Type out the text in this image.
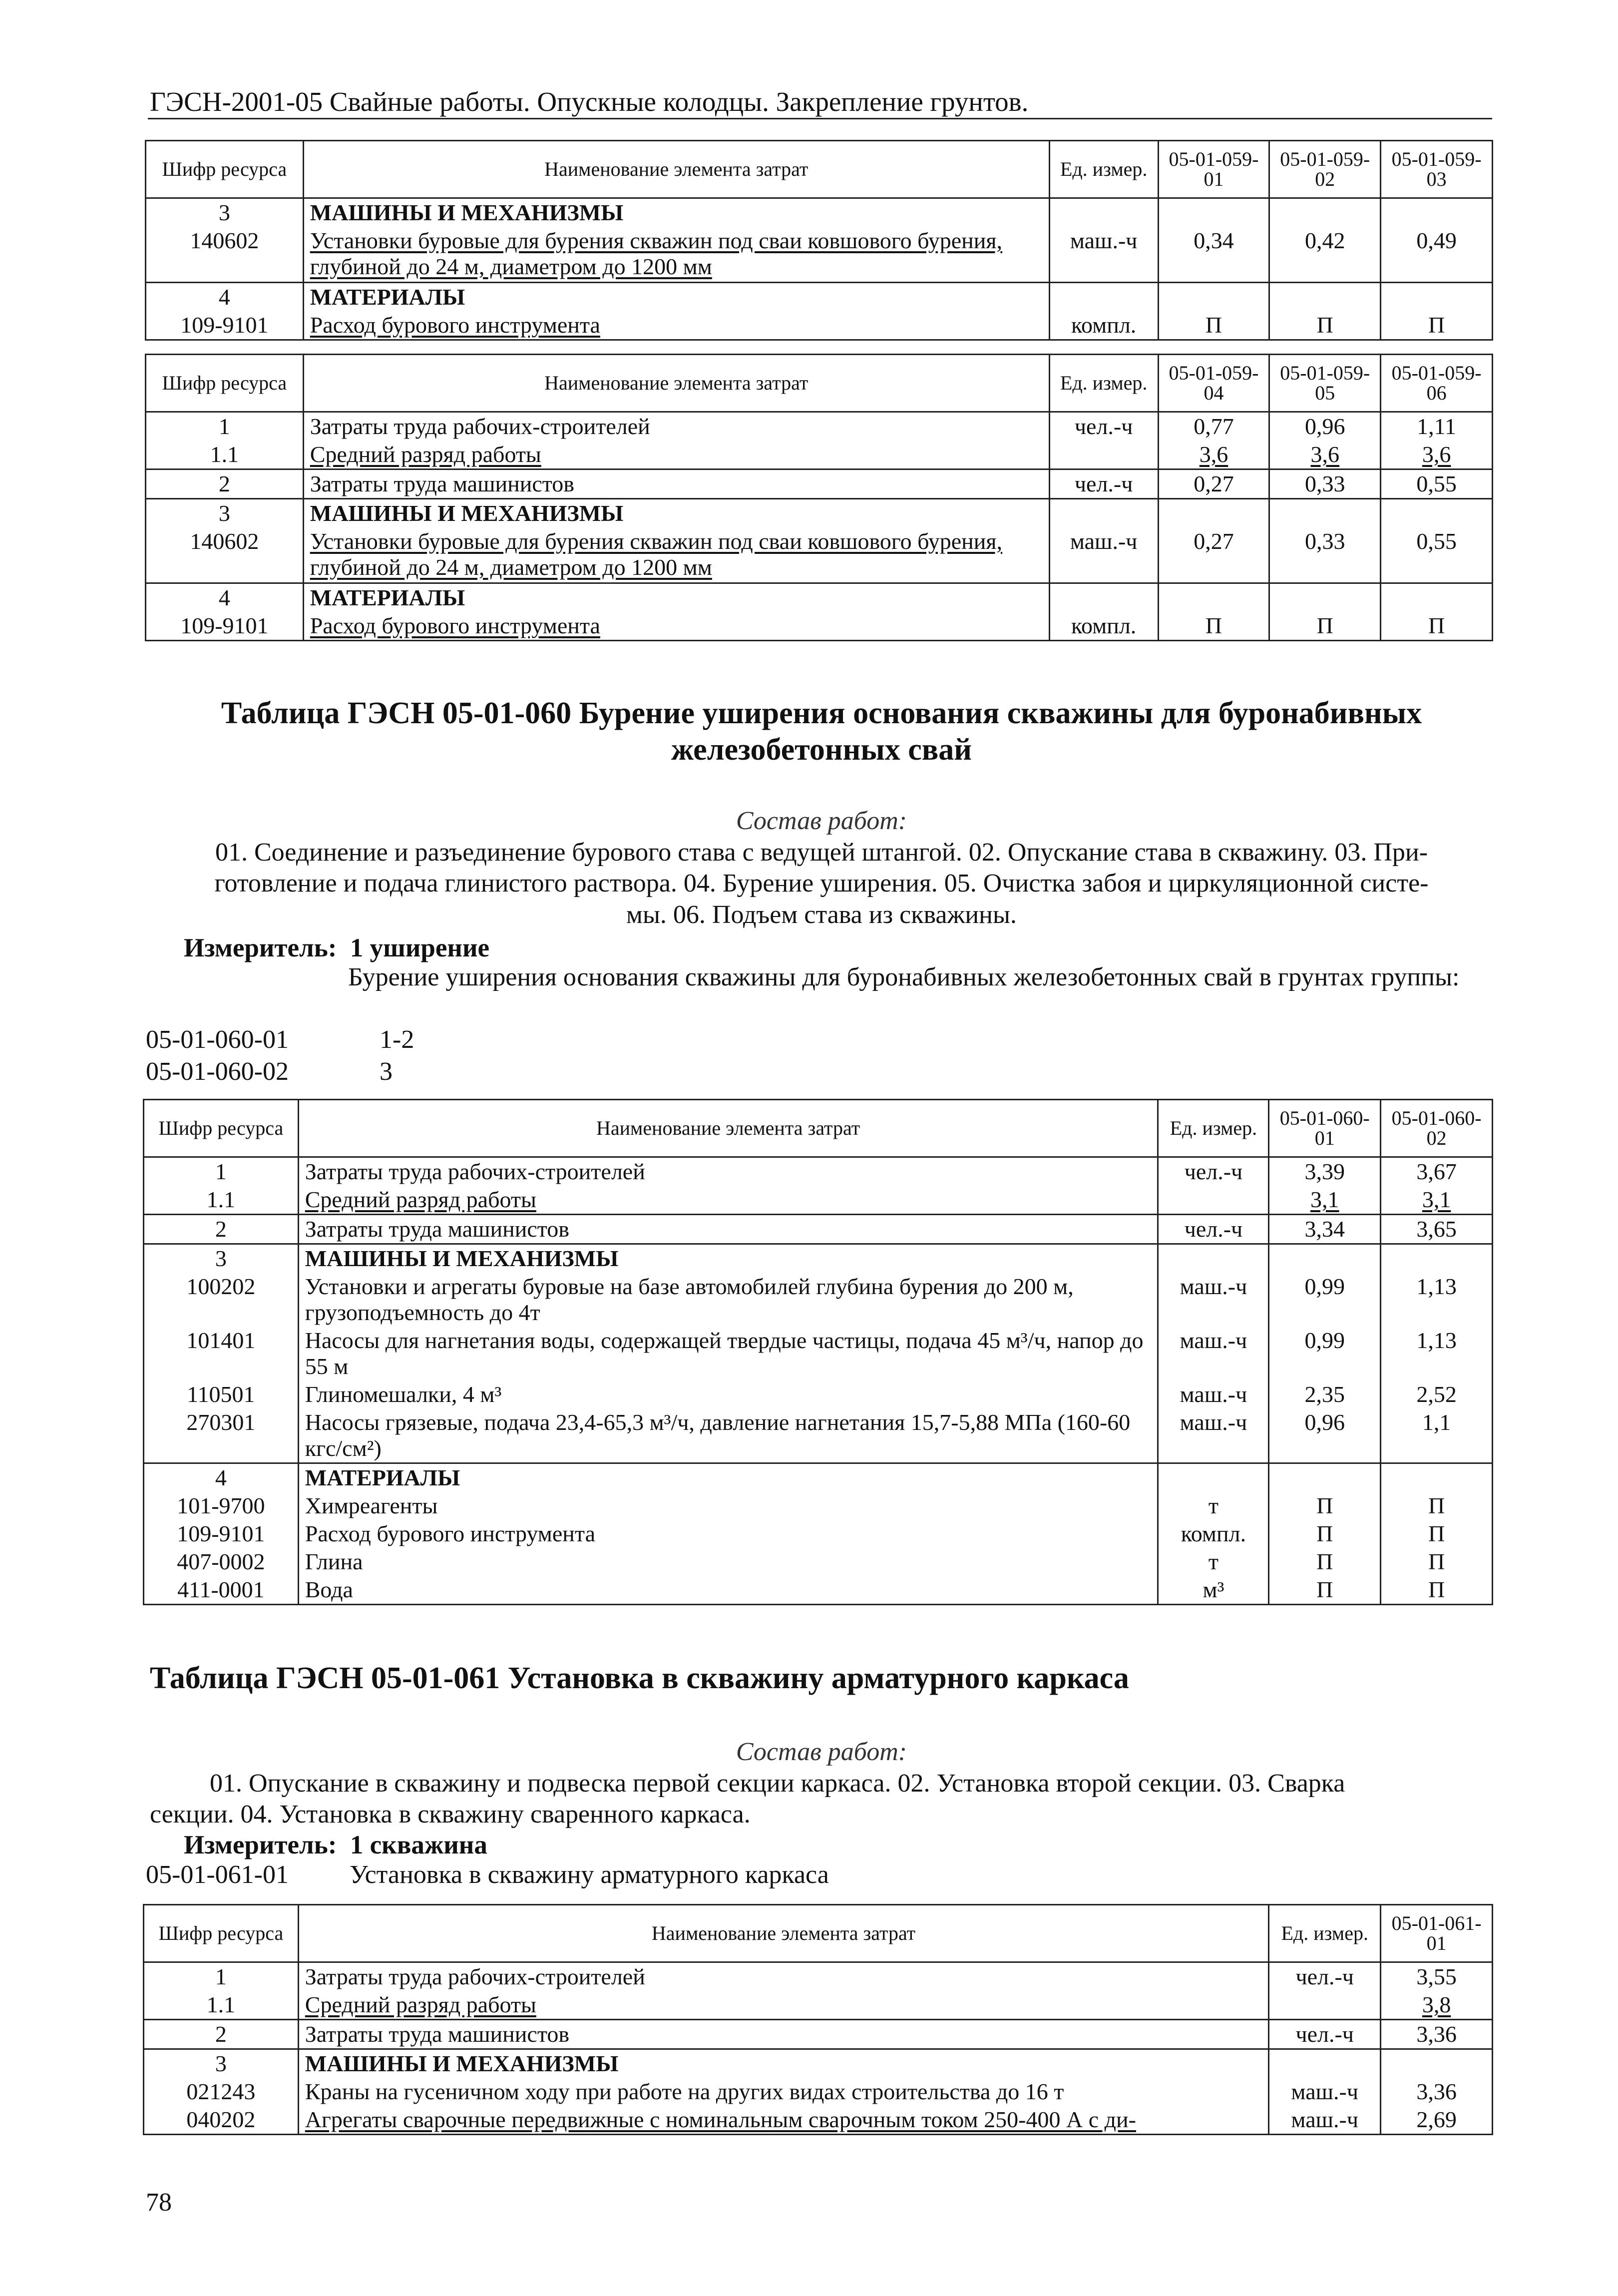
ГЭСН-2001-05 Свайные работы. Опускные колодцы. Закрепление грунтов.
Шифр ресурса	Наименование элемента затрат	Ед. измер.	05-01-059-01	05-01-059-02	05-01-059-03
3	МАШИНЫ И МЕХАНИЗМЫ				
140602	Установки буровые для бурения скважин под сваи ковшового бурения, глубиной до 24 м, диаметром до 1200 мм	маш.-ч	0,34	0,42	0,49
4	МАТЕРИАЛЫ				
109-9101	Расход бурового инструмента	компл.	П	П	П
Шифр ресурса	Наименование элемента затрат	Ед. измер.	05-01-059-04	05-01-059-05	05-01-059-06
1	Затраты труда рабочих-строителей	чел.-ч	0,77	0,96	1,11
1.1	Средний разряд работы		3,6	3,6	3,6
2	Затраты труда машинистов	чел.-ч	0,27	0,33	0,55
3	МАШИНЫ И МЕХАНИЗМЫ				
140602	Установки буровые для бурения скважин под сваи ковшового бурения, глубиной до 24 м, диаметром до 1200 мм	маш.-ч	0,27	0,33	0,55
4	МАТЕРИАЛЫ				
109-9101	Расход бурового инструмента	компл.	П	П	П
Таблица ГЭСН 05-01-060 Бурение уширения основания скважины для буронабивных
железобетонных свай
Состав работ:
01. Соединение и разъединение бурового става с ведущей штангой. 02. Опускание става в скважину. 03. При-
готовление и подача глинистого раствора. 04. Бурение уширения. 05. Очистка забоя и циркуляционной систе-
мы. 06. Подъем става из скважины.
Измеритель: 1 уширение
Бурение уширения основания скважины для буронабивных железобетонных свай в грунтах группы:
05-01-060-01	1-2
05-01-060-02	3
Шифр ресурса	Наименование элемента затрат	Ед. измер.	05-01-060-01	05-01-060-02
1	Затраты труда рабочих-строителей	чел.-ч	3,39	3,67
1.1	Средний разряд работы		3,1	3,1
2	Затраты труда машинистов	чел.-ч	3,34	3,65
3	МАШИНЫ И МЕХАНИЗМЫ			
100202	Установки и агрегаты буровые на базе автомобилей глубина бурения до 200 м, грузоподъемность до 4т	маш.-ч	0,99	1,13
101401	Насосы для нагнетания воды, содержащей твердые частицы, подача 45 м³/ч, напор до 55 м	маш.-ч	0,99	1,13
110501	Глиномешалки, 4 м³	маш.-ч	2,35	2,52
270301	Насосы грязевые, подача 23,4-65,3 м³/ч, давление нагнетания 15,7-5,88 МПа (160-60 кгс/см²)	маш.-ч	0,96	1,1
4	МАТЕРИАЛЫ			
101-9700	Химреагенты	т	П	П
109-9101	Расход бурового инструмента	компл.	П	П
407-0002	Глина	т	П	П
411-0001	Вода	м³	П	П
Таблица ГЭСН 05-01-061 Установка в скважину арматурного каркаса
Состав работ:
01. Опускание в скважину и подвеска первой секции каркаса. 02. Установка второй секции. 03. Сварка
секции. 04. Установка в скважину сваренного каркаса.
Измеритель: 1 скважина
05-01-061-01 Установка в скважину арматурного каркаса
Шифр ресурса	Наименование элемента затрат	Ед. измер.	05-01-061-01
1	Затраты труда рабочих-строителей	чел.-ч	3,55
1.1	Средний разряд работы		3,8
2	Затраты труда машинистов	чел.-ч	3,36
3	МАШИНЫ И МЕХАНИЗМЫ		
021243	Краны на гусеничном ходу при работе на других видах строительства до 16 т	маш.-ч	3,36
040202	Агрегаты сварочные передвижные с номинальным сварочным током 250-400 А с ди-	маш.-ч	2,69
78
